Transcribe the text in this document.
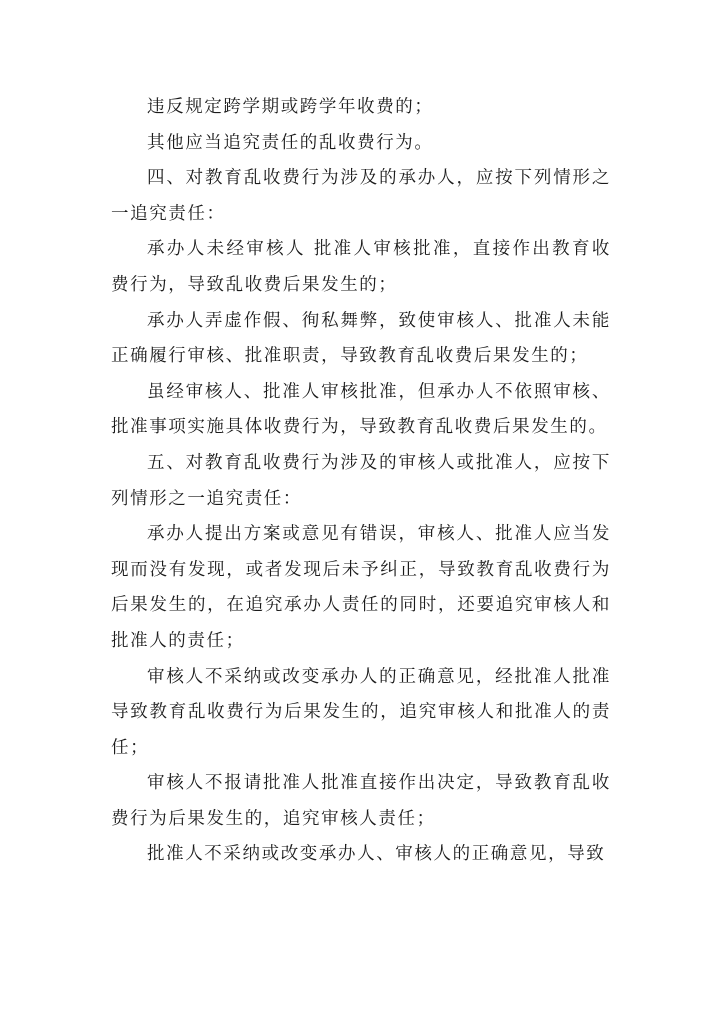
违反规定跨学期或跨学年收费的；

其他应当追究责任的乱收费行为。

四、对教育乱收费行为涉及的承办人，应按下列情形之一追究责任：

承办人未经审核人 批准人审核批准，直接作出教育收费行为，导致乱收费后果发生的；

承办人弄虚作假、徇私舞弊，致使审核人、批准人未能正确履行审核、批准职责，导致教育乱收费后果发生的；

虽经审核人、批准人审核批准，但承办人不依照审核、批准事项实施具体收费行为，导致教育乱收费后果发生的。

五、对教育乱收费行为涉及的审核人或批准人，应按下列情形之一追究责任：

承办人提出方案或意见有错误，审核人、批准人应当发现而没有发现，或者发现后未予纠正，导致教育乱收费行为后果发生的，在追究承办人责任的同时，还要追究审核人和批准人的责任；

审核人不采纳或改变承办人的正确意见，经批准人批准导致教育乱收费行为后果发生的，追究审核人和批准人的责任；

审核人不报请批准人批准直接作出决定，导致教育乱收费行为后果发生的，追究审核人责任；

批准人不采纳或改变承办人、审核人的正确意见，导致
